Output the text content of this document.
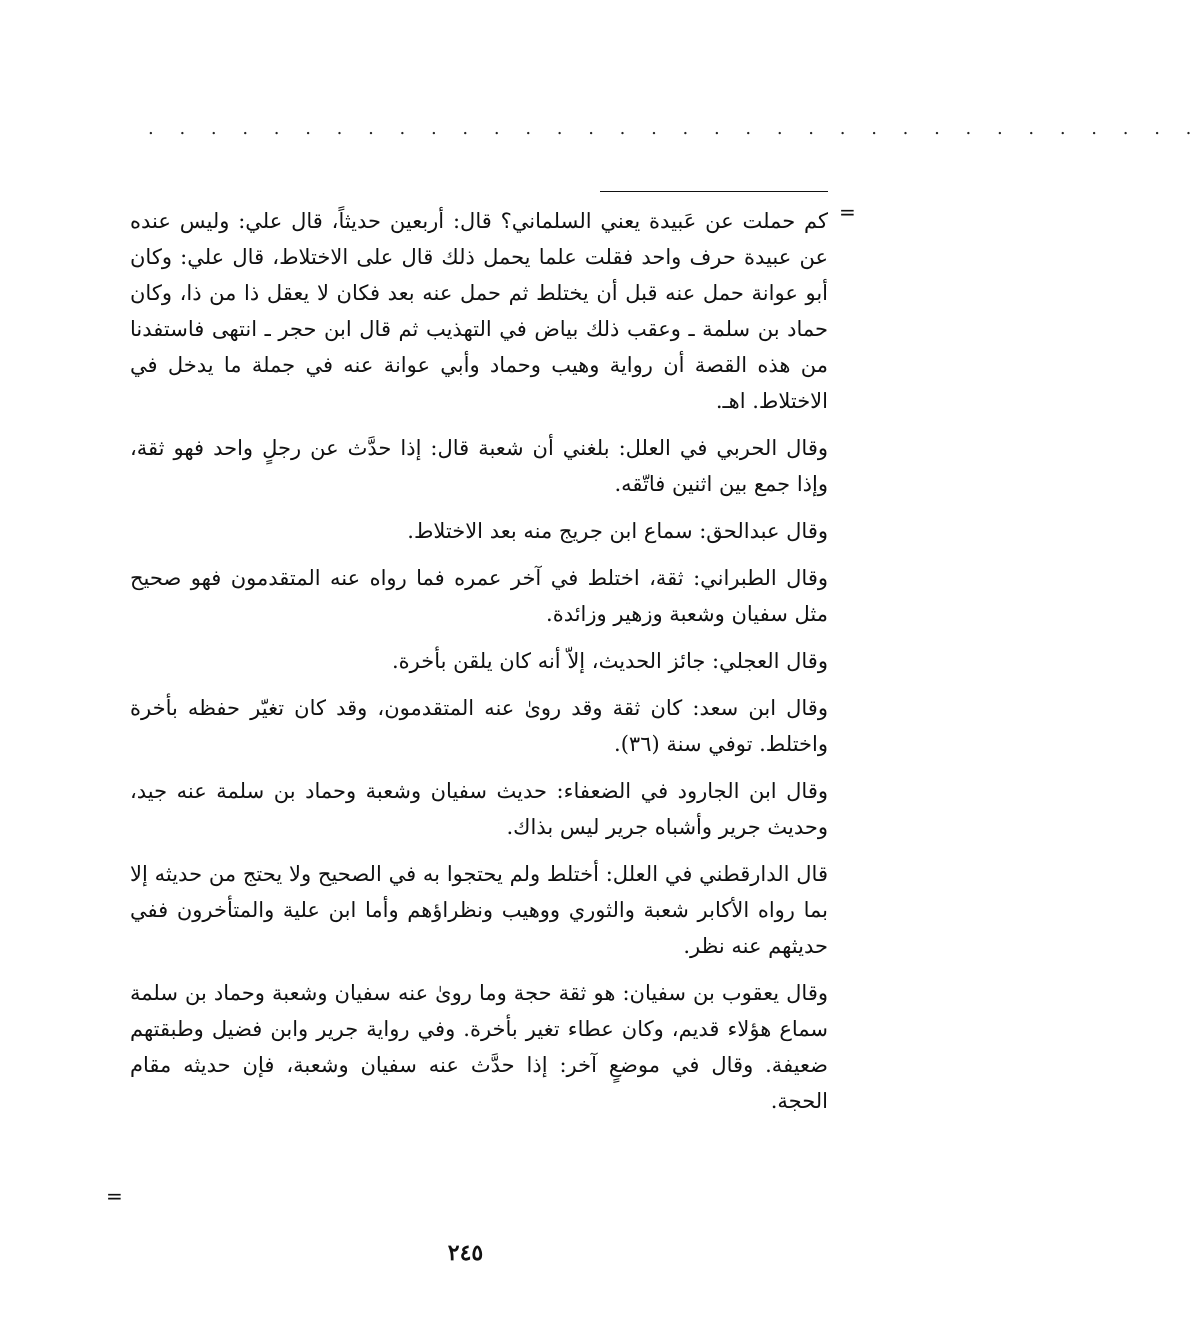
. . . . . . . . . . . . . . . . . . . . . . . . . . . . . . . . . .
=

كم حملت عن عَبيدة يعني السلماني؟ قال: أربعين حديثاً، قال علي: وليس عنده عن عبيدة حرف واحد فقلت علما يحمل ذلك قال على الاختلاط، قال علي: وكان أبو عوانة حمل عنه قبل أن يختلط ثم حمل عنه بعد فكان لا يعقل ذا من ذا، وكان حماد بن سلمة ـ وعقب ذلك بياض في التهذيب ثم قال ابن حجر ـ انتهى فاستفدنا من هذه القصة أن رواية وهيب وحماد وأبي عوانة عنه في جملة ما يدخل في الاختلاط. اهـ.

وقال الحربي في العلل: بلغني أن شعبة قال: إذا حدَّث عن رجلٍ واحد فهو ثقة، وإذا جمع بين اثنين فاتّقه.

وقال عبدالحق: سماع ابن جريج منه بعد الاختلاط.

وقال الطبراني: ثقة، اختلط في آخر عمره فما رواه عنه المتقدمون فهو صحيح مثل سفيان وشعبة وزهير وزائدة.

وقال العجلي: جائز الحديث، إلاّ أنه كان يلقن بأخرة.

وقال ابن سعد: كان ثقة وقد روىٰ عنه المتقدمون، وقد كان تغيّر حفظه بأخرة واختلط. توفي سنة (٣٦).

وقال ابن الجارود في الضعفاء: حديث سفيان وشعبة وحماد بن سلمة عنه جيد، وحديث جرير وأشباه جرير ليس بذاك.

قال الدارقطني في العلل: أختلط ولم يحتجوا به في الصحيح ولا يحتج من حديثه إلا بما رواه الأكابر شعبة والثوري ووهيب ونظراؤهم وأما ابن علية والمتأخرون ففي حديثهم عنه نظر.

وقال يعقوب بن سفيان: هو ثقة حجة وما روىٰ عنه سفيان وشعبة وحماد بن سلمة سماع هؤلاء قديم، وكان عطاء تغير بأخرة. وفي رواية جرير وابن فضيل وطبقتهم ضعيفة. وقال في موضعٍ آخر: إذا حدَّث عنه سفيان وشعبة، فإن حديثه مقام الحجة.

=
٢٤٥
